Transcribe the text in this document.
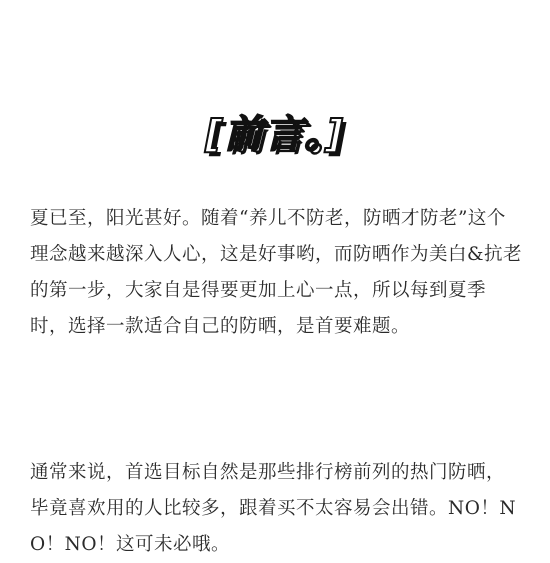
[前言。]

夏已至，阳光甚好。随着“养儿不防老，防晒才防老”这个理念越来越深入人心，这是好事哟，而防晒作为美白&抗老的第一步，大家自是得要更加上心一点，所以每到夏季时，选择一款适合自己的防晒，是首要难题。

通常来说，首选目标自然是那些排行榜前列的热门防晒，毕竟喜欢用的人比较多，跟着买不太容易会出错。NO！NO！NO！这可未必哦。
